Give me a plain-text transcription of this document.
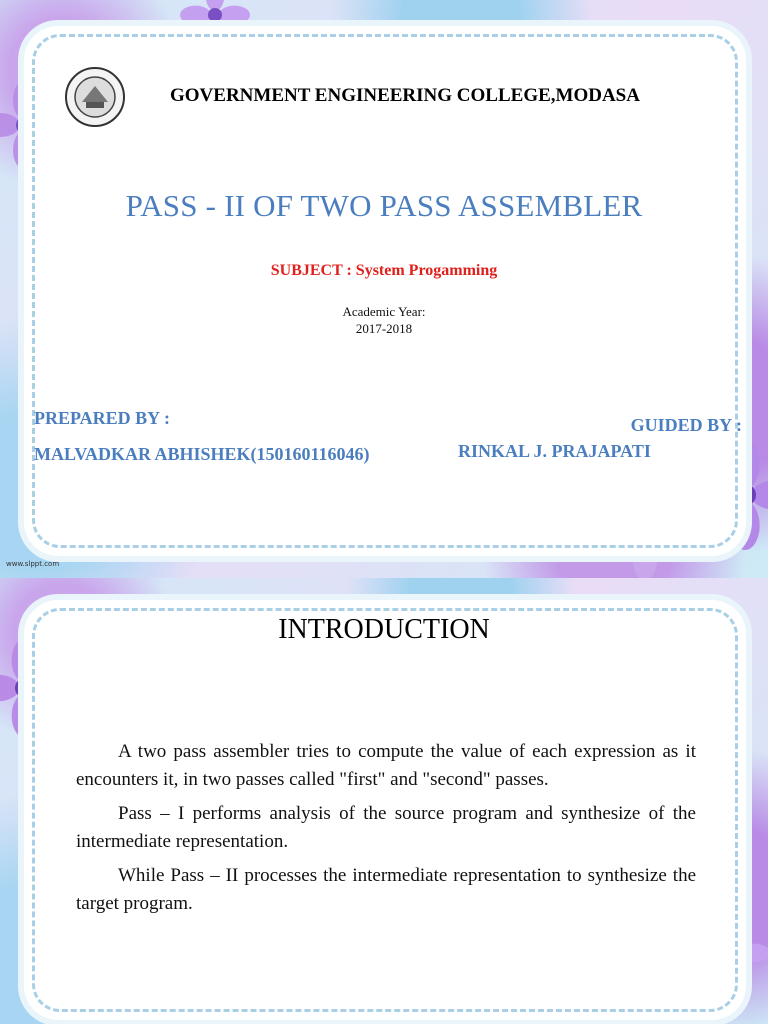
GOVERNMENT ENGINEERING COLLEGE,MODASA
PASS - II OF TWO PASS ASSEMBLER
SUBJECT : System Progamming
Academic Year:
2017-2018
PREPARED BY :
MALVADKAR ABHISHEK(150160116046)
GUIDED BY :
RINKAL J. PRAJAPATI
www.slppt.com
INTRODUCTION

A two pass assembler tries to compute the value of each expression as it encounters it, in two passes called "first" and "second" passes.

Pass – I performs analysis of the source program and synthesize of the intermediate representation.

While Pass – II processes the intermediate representation to synthesize the target program.
